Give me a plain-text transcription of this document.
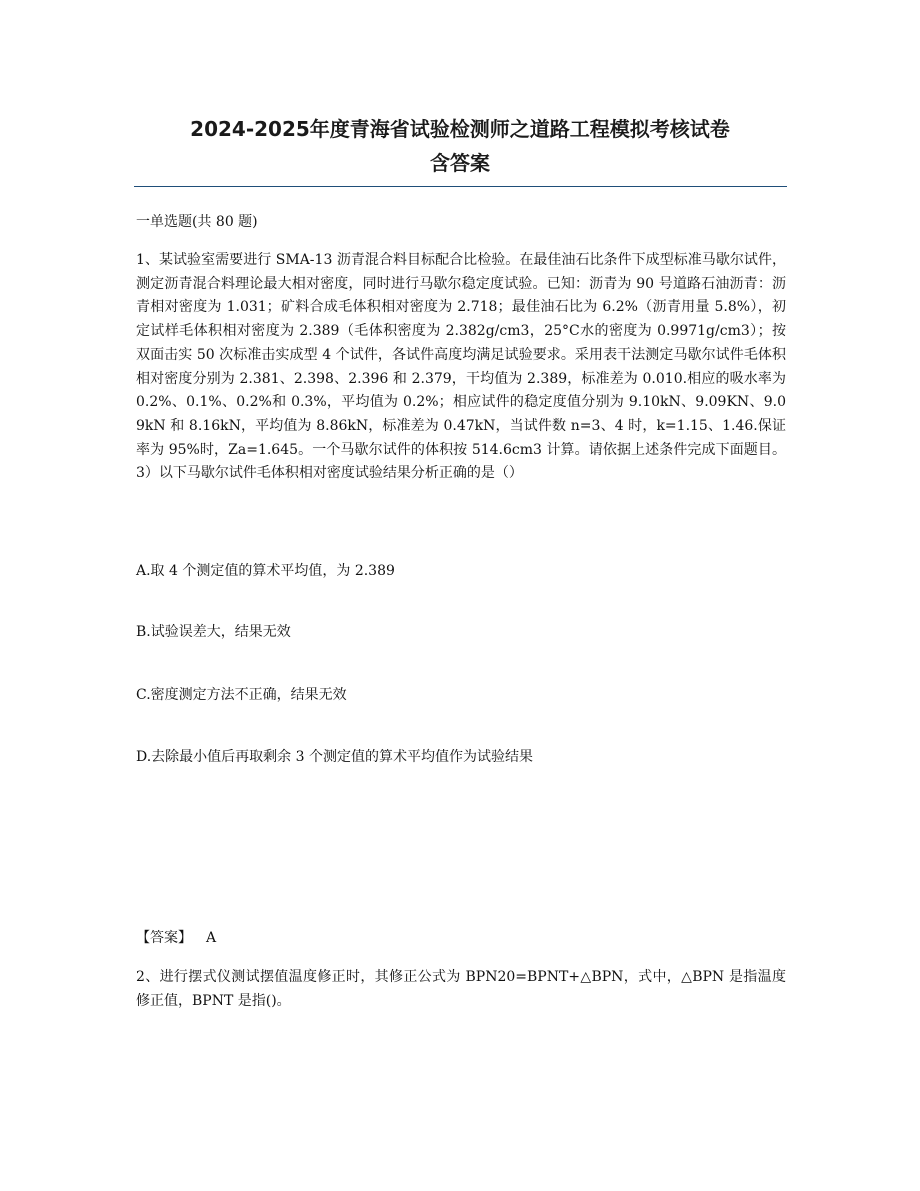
2024-2025年度青海省试验检测师之道路工程模拟考核试卷
含答案
一单选题(共 80 题)

1、某试验室需要进行 SMA-13 沥青混合料目标配合比检验。在最佳油石比条件下成型标准马歇尔试件，测定沥青混合料理论最大相对密度，同时进行马歇尔稳定度试验。已知：沥青为 90 号道路石油沥青：沥青相对密度为 1.031；矿料合成毛体积相对密度为 2.718；最佳油石比为 6.2%（沥青用量 5.8%），初定试样毛体积相对密度为 2.389（毛体积密度为 2.382g/cm3，25°C水的密度为 0.9971g/cm3）；按双面击实 50 次标准击实成型 4 个试件，各试件高度均满足试验要求。采用表干法测定马歇尔试件毛体积相对密度分别为 2.381、2.398、2.396 和 2.379，干均值为 2.389，标准差为 0.010.相应的吸水率为 0.2%、0.1%、0.2%和 0.3%，平均值为 0.2%；相应试件的稳定度值分别为 9.10kN、9.09KN、9.09kN 和 8.16kN，平均值为 8.86kN，标准差为 0.47kN，当试件数 n=3、4 时，k=1.15、1.46.保证率为 95%时，Za=1.645。一个马歇尔试件的体积按 514.6cm3 计算。请依据上述条件完成下面题目。3）以下马歇尔试件毛体积相对密度试验结果分析正确的是（）

A.取 4 个测定值的算术平均值，为 2.389

B.试验误差大，结果无效

C.密度测定方法不正确，结果无效

D.去除最小值后再取剩余 3 个测定值的算术平均值作为试验结果

【答案】 A

2、进行摆式仪测试摆值温度修正时，其修正公式为 BPN20=BPNT+△BPN，式中，△BPN 是指温度修正值，BPNT 是指()。
